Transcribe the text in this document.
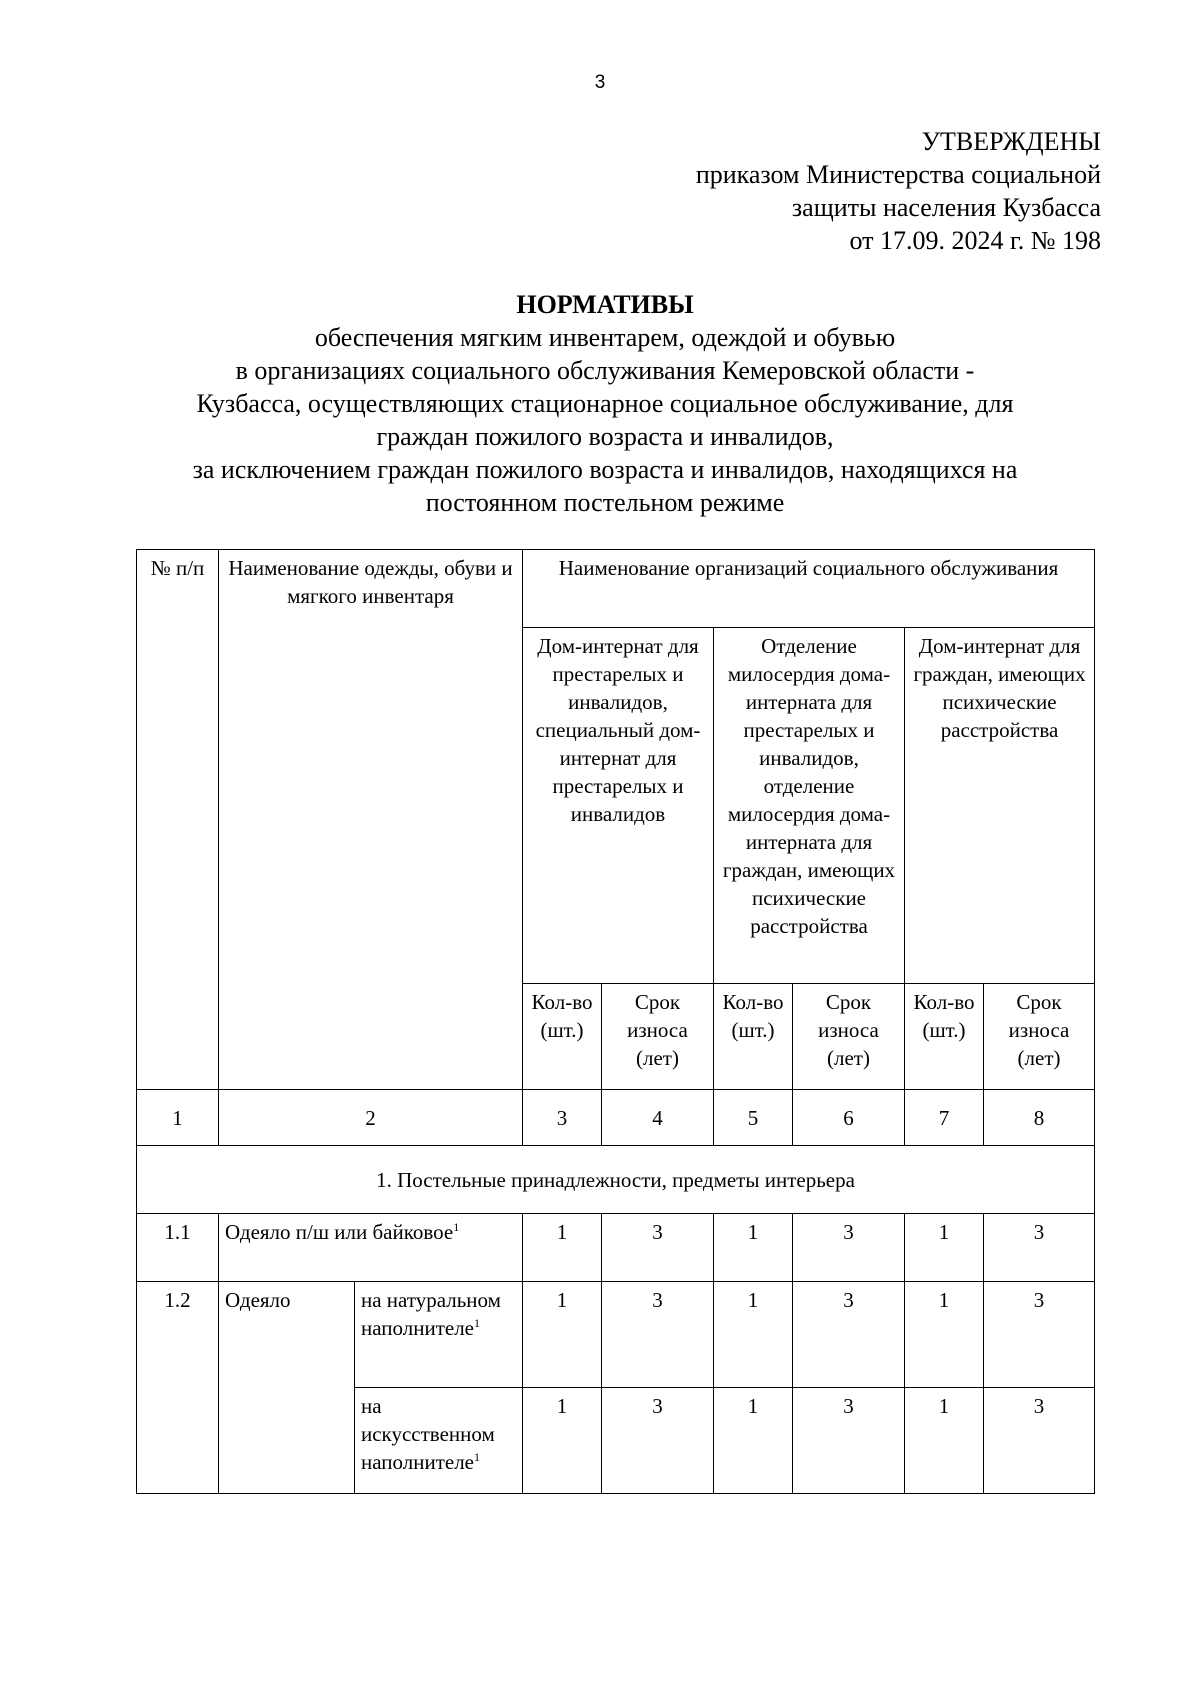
3
УТВЕРЖДЕНЫ
приказом Министерства социальной
защиты населения Кузбасса
от 17.09. 2024 г. № 198
НОРМАТИВЫ
обеспечения мягким инвентарем, одеждой и обувью
в организациях социального обслуживания Кемеровской области -
Кузбасса, осуществляющих стационарное социальное обслуживание, для
граждан пожилого возраста и инвалидов,
за исключением граждан пожилого возраста и инвалидов, находящихся на
постоянном постельном режиме
№ п/п	Наименование одежды, обуви и мягкого инвентаря		Наименование организаций социального обслуживания					
			Дом-интернат для престарелых и инвалидов, специальный дом-интернат для престарелых и инвалидов		Отделение милосердия дома-интерната для престарелых и инвалидов, отделение милосердия дома-интерната для граждан, имеющих психические расстройства		Дом-интернат для граждан, имеющих психические расстройства	
			Кол-во (шт.)	Срок износа (лет)	Кол-во (шт.)	Срок износа (лет)	Кол-во (шт.)	Срок износа (лет)
1	2		3	4	5	6	7	8
1. Постельные принадлежности, предметы интерьера								
1.1	Одеяло п/ш или байковое$^1$		1	3	1	3	1	3
1.2	Одеяло	на натуральном наполнителе$^1$	1	3	1	3	1	3
		на искусственном наполнителе$^1$	1	3	1	3	1	3
